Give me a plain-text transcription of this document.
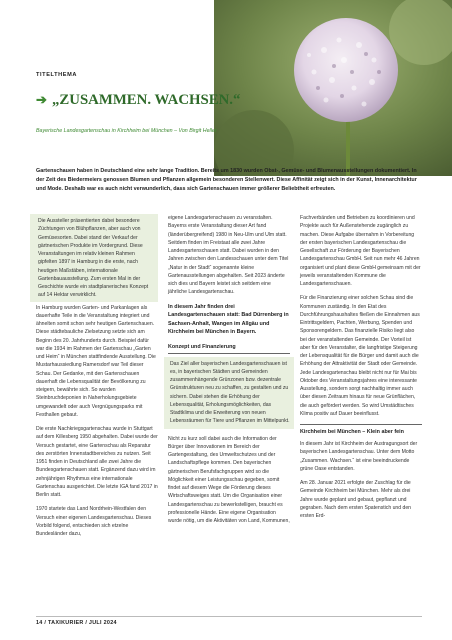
TITELTHEMA
➔ „ZUSAMMEN. WACHSEN.“
Bayerische Landesgartenschau in Kirchheim bei München – Von Birgit Heller
Gartenschauen haben in Deutschland eine sehr lange Tradition. Bereits um 1830 wurden Obst-, Gemüse- und Blumenausstellungen dokumentiert. In der Zeit des Biedermeiers genossen Blumen und Pflanzen allgemein besonderen Stellenwert. Diese Affinität zeigt sich in der Kunst, Innenarchitektur und Mode. Deshalb war es auch nicht verwunderlich, dass sich Gartenschauen immer größerer Beliebtheit erfreuten.

Die Aussteller präsentierten dabei besondere Züchtungen von Blühpflanzen, aber auch von Gemüsesorten. Dabei stand der Verkauf der gärtnerischen Produkte im Vordergrund. Diese Veranstaltungen im relativ kleinen Rahmen gipfelten 1897 in Hamburg in die erste, nach heutigen Maßstäben, internationale Gartenbauausstellung. Zum ersten Mal in der Geschichte wurde ein stadtplanerisches Konzept auf 14 Hektar verwirklicht.

In Hamburg wurden Garten- und Parkanlagen als dauerhafte Teile in die Veranstaltung integriert und ähnelten somit schon sehr heutigen Gartenschauen. Diese städtebauliche Zielsetzung setzte sich am Beginn des 20. Jahrhunderts durch. Beispiel dafür war die 1934 im Rahmen der Gartenschau „Garten und Heim“ in München stattfindende Ausstellung. Die Mustarhaussiedlung Ramersdorf war Teil dieser Schau. Der Gedanke, mit den Gartenschauen dauerhaft die Lebensqualität der Bevölkerung zu steigern, bewährte sich. So wurden Steinbruchdeponien in Naherholungsgebiete umgewandelt oder auch Vergnügungsparks mit Festhallen gebaut.

Die erste Nachkriegsgartenschau wurde in Stuttgart auf dem Killesberg 1950 abgehalten. Dabei wurde der Versuch gestartet, eine Gartenschau als Reparatur des zerstörten Innenstadtbereiches zu nutzen. Seit 1951 finden in Deutschland alle zwei Jahre die Bundesgartenschauen statt. Ergänzend dazu wird im zehnjährigen Rhythmus eine internationale Gartenschau ausgerichtet. Die letzte IGA fand 2017 in Berlin statt.

1970 startete das Land Nordrhein-Westfalen den Versuch einer eigenen Landesgartenschau. Dieses Vorbild folgend, entschieden sich etzelne Bundesländer dazu,

eigene Landesgartenschauen zu veranstalten. Bayerns erste Veranstaltung dieser Art fand (länderübergreifend) 1980 in Neu-Ulm und Ulm statt. Seitdem finden im Freistaat alle zwei Jahre Landesgartenschauen statt. Dabei wurden in den Jahren zwischen den Landesschauen unter dem Titel „Natur in der Stadt“ sogenannte kleine Gartenausstellungen abgehalten. Seit 2023 änderte sich dies und Bayern leistet sich seitdem eine jährliche Landesgartenschau.

In diesem Jahr finden drei Landesgartenschauen statt: Bad Dürrenberg in Sachsen-Anhalt, Wangen im Allgäu und Kirchheim bei München in Bayern.

Konzept und Finanzierung

Das Ziel aller bayerischen Landesgartenschauen ist es, in bayerischen Städten und Gemeinden zusammenhängende Grünzonen bzw. dezentrale Grünstrukturen neu zu schaffen, zu gestalten und zu sichern. Dabei stehen die Erhöhung der Lebensqualität, Erholungsmöglichkeiten, das Stadtklima und die Erweiterung von neuen Lebensräumen für Tiere und Pflanzen im Mittelpunkt.

Nicht zu kurz soll dabei auch die Information der Bürger über Innovationen im Bereich der Gartengestaltung, des Umweltschutzes und der Landschaftspflege kommen. Den bayerischen gärtnerischen Berufsfachgruppen wird so die Möglichkeit einer Leistungsschau gegeben, somit findet auf diesem Wege die Förderung dieses Wirtschaftsweiges statt. Um die Organisation einer Landesgartenschau zu bewerkstelligen, braucht es professionelle Hände. Eine eigene Organisation wurde nötig, um die Aktivitäten von Land, Kommunen,

Fachverbänden und Betrieben zu koordinieren und Projekte auch für Außenstehende zugänglich zu machen. Diese Aufgabe übernahm in Vorbereitung der ersten bayerischen Landesgartenschau die Gesellschaft zur Förderung der Bayerischen Landesgartenschau GmbH. Seit nun mehr 46 Jahren organisiert und plant diese GmbH gemeinsam mit der jeweils veranstaltenden Kommune die Landesgartenschauen.

Für die Finanzierung einer solchen Schau sind die Kommunen zuständig. In den Etat des Durchführungshaushaltes fließen die Einnahmen aus Eintrittsgeldern, Pachten, Werbung, Spenden und Sponsorengeldern. Das finanzielle Risiko liegt also bei der veranstaltenden Gemeinde. Der Vorteil ist aber für den Veranstalter, die langfristige Steigerung der Lebensqualität für die Bürger und damit auch die Erhöhung der Attraktivität der Stadt oder Gemeinde. Jede Landesgartenschau bleibt nicht nur für Mai bis Oktober des Veranstaltungsjahres eine interessante Ausstellung, sondern sorgt nachhaltig immer auch über diesen Zeitraum hinaus für neue Grünflächen, die auch gefördert werden. So wird Umstädtisches Klima positiv auf Dauer beeinflusst.

Kirchheim bei München – Klein aber fein

In diesem Jahr ist Kirchheim der Austragungsort der bayerischen Landesgartenschau. Unter dem Motto „Zusammen. Wachsen.“ ist eine beeindruckende grüne Oase entstanden.

Am 28. Januar 2021 erfolgte der Zuschlag für die Gemeinde Kirchheim bei München. Mehr als drei Jahre wurde geplant und gebaut, gepflanzt und gegraben. Nach dem ersten Spatenstich und den ersten Erd-

14 / TAXIKURIER / JULI 2024
